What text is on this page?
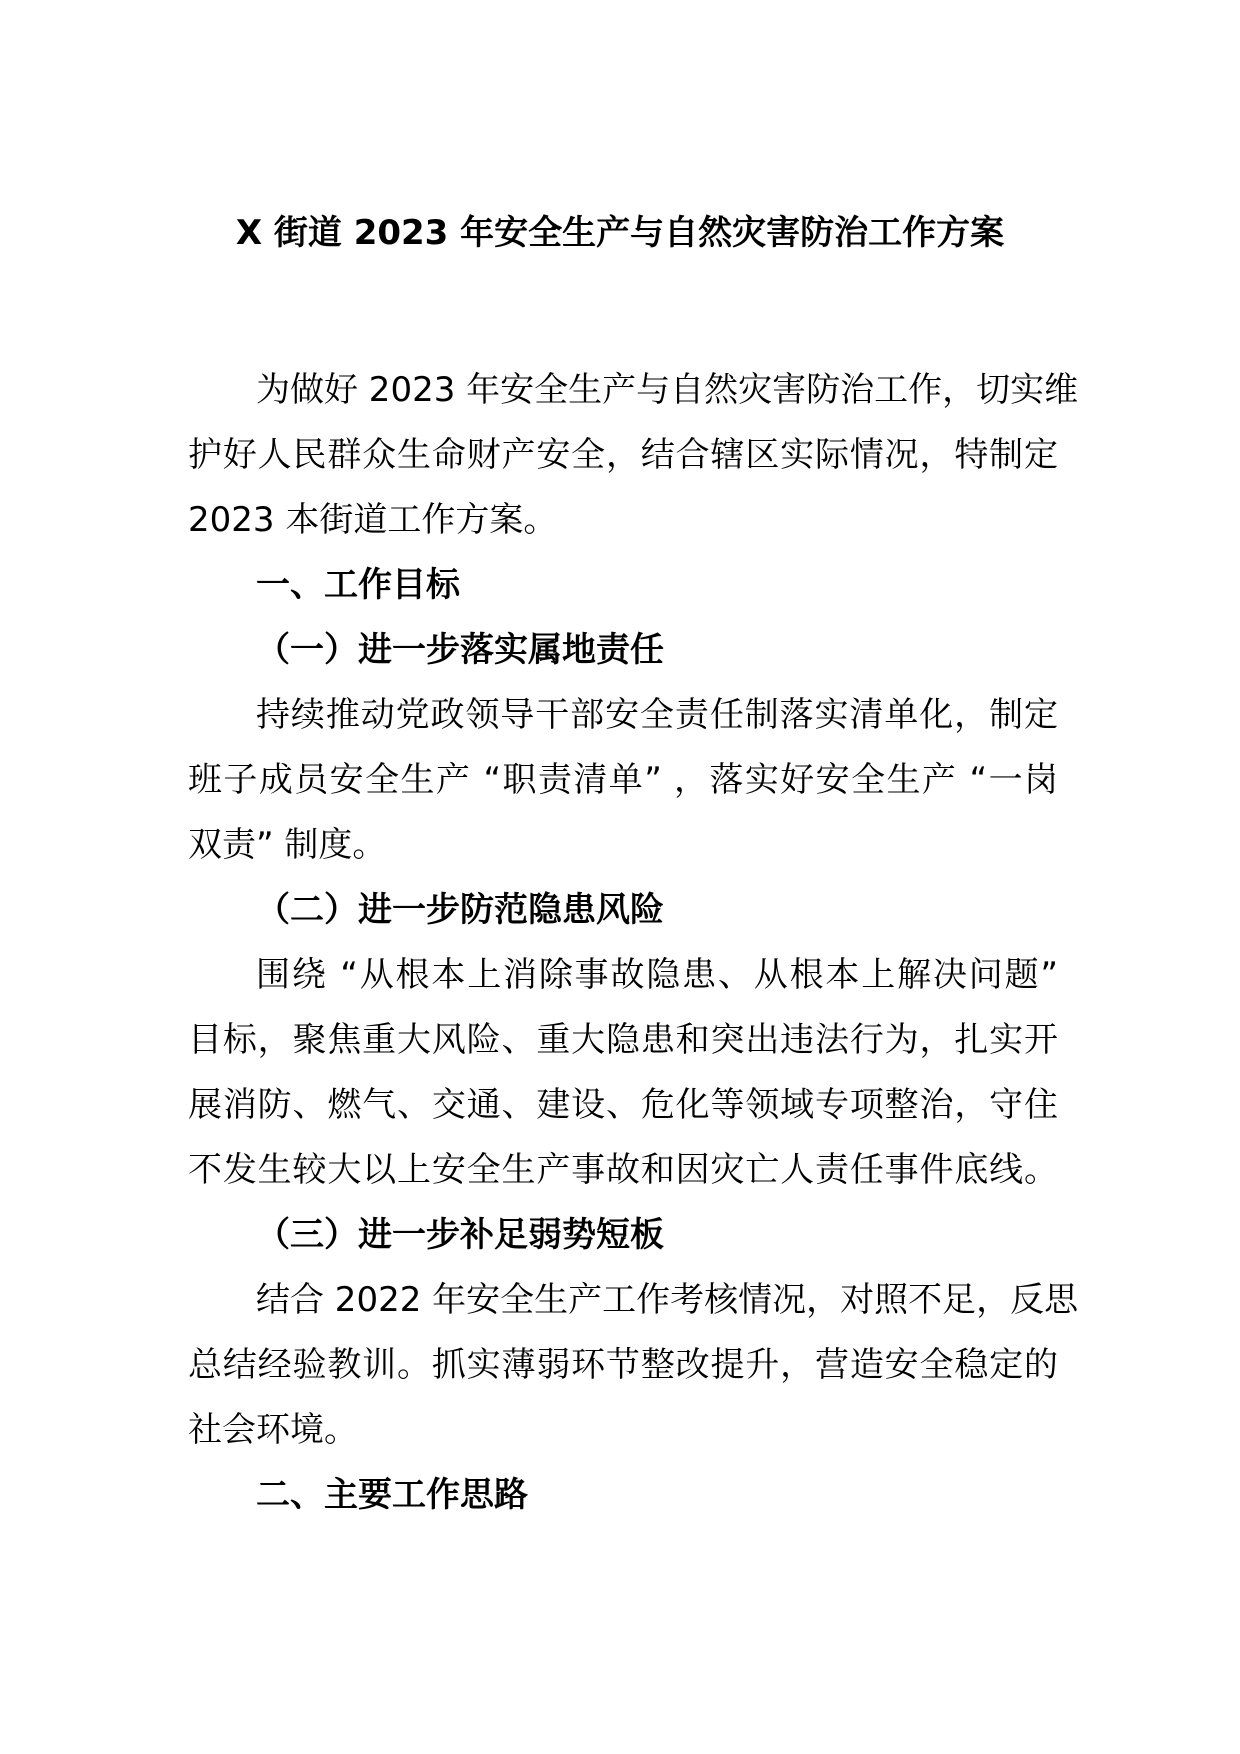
X 街道 2023 年安全生产与自然灾害防治工作方案
为做好 2023 年安全生产与自然灾害防治工作，切实维
护好人民群众生命财产安全，结合辖区实际情况，特制定
2023 本街道工作方案。
一、工作目标
（一）进一步落实属地责任
持续推动党政领导干部安全责任制落实清单化，制定
班子成员安全生产 “职责清单” ，落实好安全生产 “一岗
双责” 制度。
（二）进一步防范隐患风险
围绕 “从根本上消除事故隐患、从根本上解决问题”
目标，聚焦重大风险、重大隐患和突出违法行为，扎实开
展消防、燃气、交通、建设、危化等领域专项整治，守住
不发生较大以上安全生产事故和因灾亡人责任事件底线。
（三）进一步补足弱势短板
结合 2022 年安全生产工作考核情况，对照不足，反思
总结经验教训。抓实薄弱环节整改提升，营造安全稳定的
社会环境。
二、主要工作思路
